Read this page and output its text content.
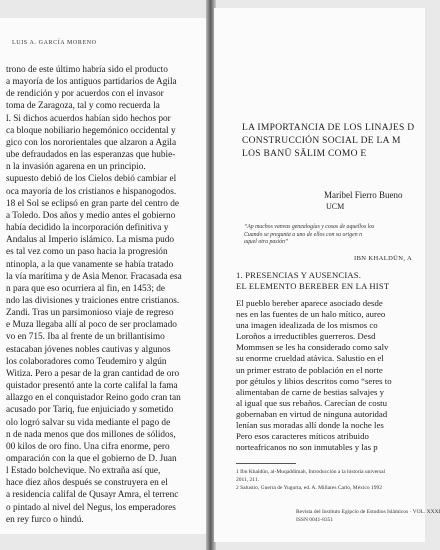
LUIS A. GARCÍA MORENO
trono de este último habría sido el producto
a mayoría de los antiguos partidarios de Agila
de rendición y por acuerdos con el invasor
toma de Zaragoza, tal y como recuerda la
l. Si dichos acuerdos habían sido hechos por
ca bloque nobiliario hegemónico occidental y
gico con los nororientales que alzaron a Agila
ube defraudados en las esperanzas que hubie-
n la invasión agarena en un principio.
supuesto debió de los Cielos debió cambiar el
oca mayoría de los cristianos e hispanogodos.
18 el Sol se eclipsó en gran parte del centro de
a Toledo. Dos años y medio antes el gobierno
había decidido la incorporación definitiva y
Andalus al Imperio islámico. La misma pudo
es tal vez como un paso hacia la progresión
ntinopla, a la que vanamente se había tratado
la vía marítima y de Asia Menor. Fracasada esa
n para que eso ocurriera al fin, en 1453; de
ndo las divisiones y traiciones entre cristianos.
Zandi. Tras un parsimonioso viaje de regreso
e Muza llegaba allí al poco de ser proclamado
vo en 715. Iba al frente de un brillantísimo
estacaban jóvenes nobles cautivas y algunos
los colaboradores como Teudemiro y algún
Witiza. Pero a pesar de la gran cantidad de oro
quistador presentó ante la corte califal la fama
allazgo en el conquistador Reino godo cran tan
acusado por Tariq, fue enjuiciado y sometido
olo logró salvar su vida mediante el pago de
n de nada menos que dos millones de sólidos,
00 kilos de oro fino. Una cifra enorme, pero
omparación con la que el gobierno de D. Juan
l Estado bolchevique. No extraña así que,
hace diez años después se construyera en el
a residencia califal de Qusayr Amra, el terrenc
o pintado al nivel del Negus, los emperadores
en rey furco o hindú.
LA IMPORTANCIA DE LOS LINAJES D
CONSTRUCCIÓN SOCIAL DE LA M
LOS BANŪ SĀLIM COMO E
Maribel Fierro Bueno
UCM
“Ap muchos vanvas genealogías y cosas de aquellos los
Cuando se pregunta a uno de ellos con su origen n
aquel otra pasión”
IBN KHALDŪN, A
1. PRESENCIAS Y AUSENCIAS.
EL ELEMENTO BEREBER EN LA HIST
El pueblo bereber aparece asociado desde
nes en las fuentes de un halo mítico, aureo
una imagen idealizada de los mismos co
Loroños a irreductibles guerreros. Desd
Mommsen se les ha considerado como salv
su enorme crueldad atávica. Salustio en el
un primer estrato de población en el norte
por gétulos y libios descritos como “seres to
alimentaban de carne de bestias salvajes y
al igual que sus rebaños. Carecían de costu
gobernaban en virtud de ninguna autoridad
lenían sus moradas allí donde la noche les
Pero esos caracteres míticos atribuido
norteafricanos no son inmutables y las p
1 Ibn Khaldūn, al-Muqaddimah, Introducción a la historia universal
2011, 211.
2 Salustio, Guerra de Yugurta, ed. A. Millares Carlo, México 1992
Revista del Instituto Egipcio de Estudios Islámicos · VOL. XXXI
ISSN 0041-8351
